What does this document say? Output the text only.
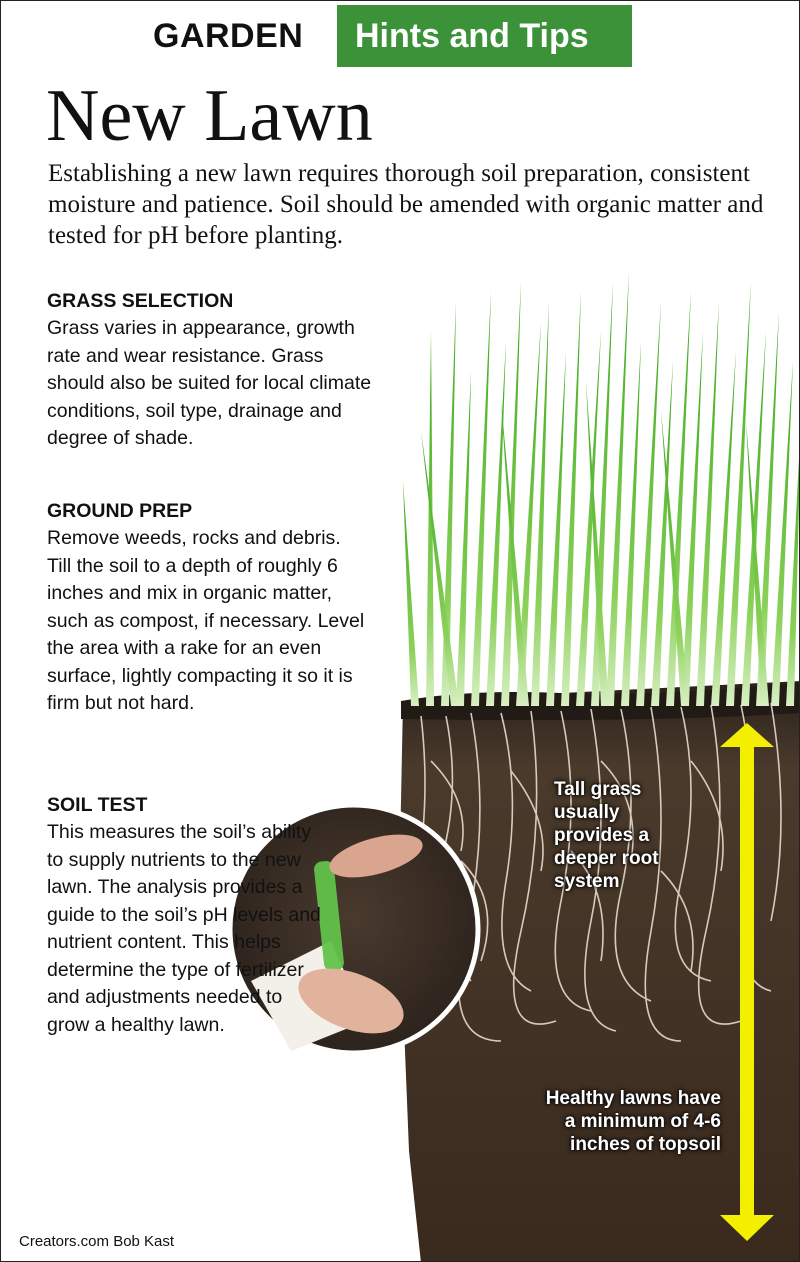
GARDEN	Hints and Tips
New Lawn
Establishing a new lawn requires thorough soil preparation, consistent moisture and patience. Soil should be amended with organic matter and tested for pH before planting.
GRASS SELECTION

Grass varies in appearance, growth rate and wear resistance. Grass should also be suited for local climate conditions, soil type, drainage and degree of shade.

GROUND PREP

Remove weeds, rocks and debris. Till the soil to a depth of roughly 6 inches and mix in organic matter, such as compost, if necessary. Level the area with a rake for an even surface, lightly compacting it so it is firm but not hard.

SOIL TEST

This measures the soil’s ability to supply nutrients to the new lawn. The analysis provides a guide to the soil’s pH levels and nutrient content. This helps determine the type of fertilizer and adjustments needed to grow a healthy lawn.

Tall grass usually provides a deeper root system
Healthy lawns have a minimum of 4-6 inches of topsoil
Creators.com Bob Kast
